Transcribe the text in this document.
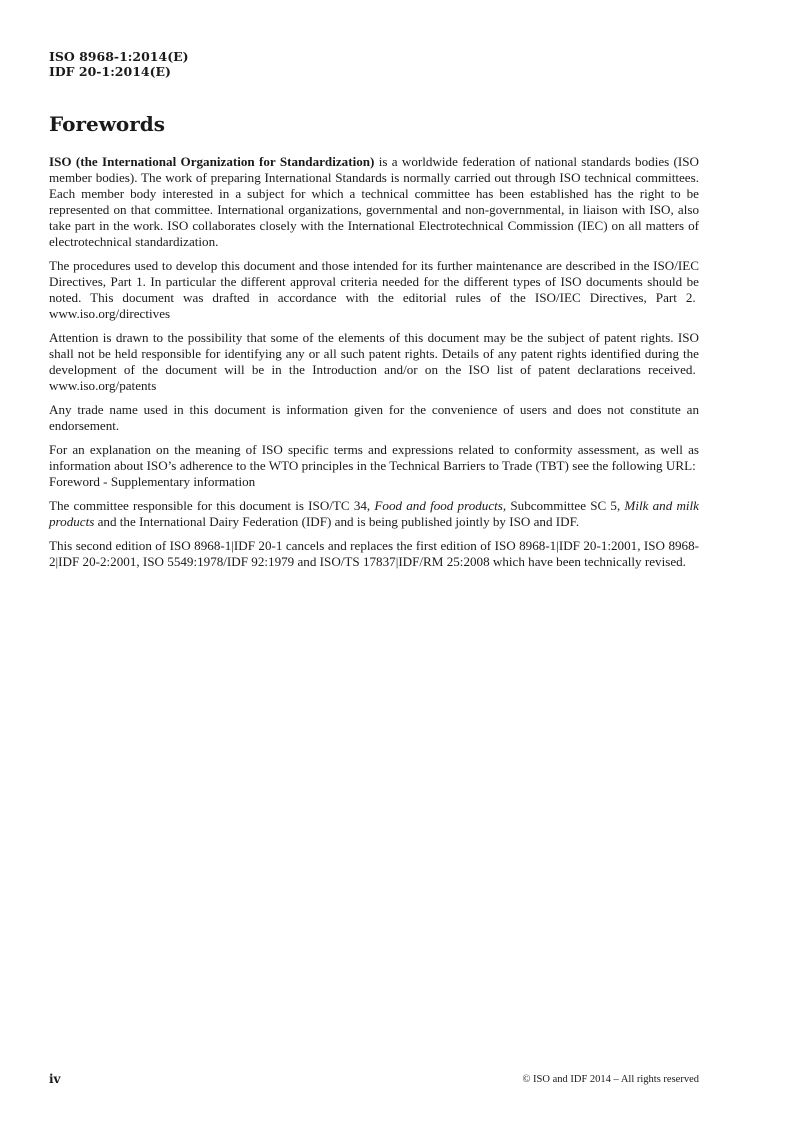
ISO 8968-1:2014(E)
IDF 20-1:2014(E)
Forewords

ISO (the International Organization for Standardization) is a worldwide federation of national standards bodies (ISO member bodies). The work of preparing International Standards is normally carried out through ISO technical committees. Each member body interested in a subject for which a technical committee has been established has the right to be represented on that committee. International organizations, governmental and non-governmental, in liaison with ISO, also take part in the work. ISO collaborates closely with the International Electrotechnical Commission (IEC) on all matters of electrotechnical standardization.

The procedures used to develop this document and those intended for its further maintenance are described in the ISO/IEC Directives, Part 1. In particular the different approval criteria needed for the different types of ISO documents should be noted. This document was drafted in accordance with the editorial rules of the ISO/IEC Directives, Part 2.  www.iso.org/directives

Attention is drawn to the possibility that some of the elements of this document may be the subject of patent rights. ISO shall not be held responsible for identifying any or all such patent rights. Details of any patent rights identified during the development of the document will be in the Introduction and/or on the ISO list of patent declarations received.  www.iso.org/patents

Any trade name used in this document is information given for the convenience of users and does not constitute an endorsement.

For an explanation on the meaning of ISO specific terms and expressions related to conformity assessment, as well as information about ISO’s adherence to the WTO principles in the Technical Barriers to Trade (TBT) see the following URL:  Foreword - Supplementary information

The committee responsible for this document is ISO/TC 34, Food and food products, Subcommittee SC 5, Milk and milk products and the International Dairy Federation (IDF) and is being published jointly by ISO and IDF.

This second edition of ISO 8968-1|IDF 20-1 cancels and replaces the first edition of ISO 8968-1|IDF 20-1:2001, ISO 8968-2|IDF 20-2:2001, ISO 5549:1978/IDF 92:1979 and ISO/TS 17837|IDF/RM 25:2008 which have been technically revised.

iv	© ISO and IDF 2014 – All rights reserved
